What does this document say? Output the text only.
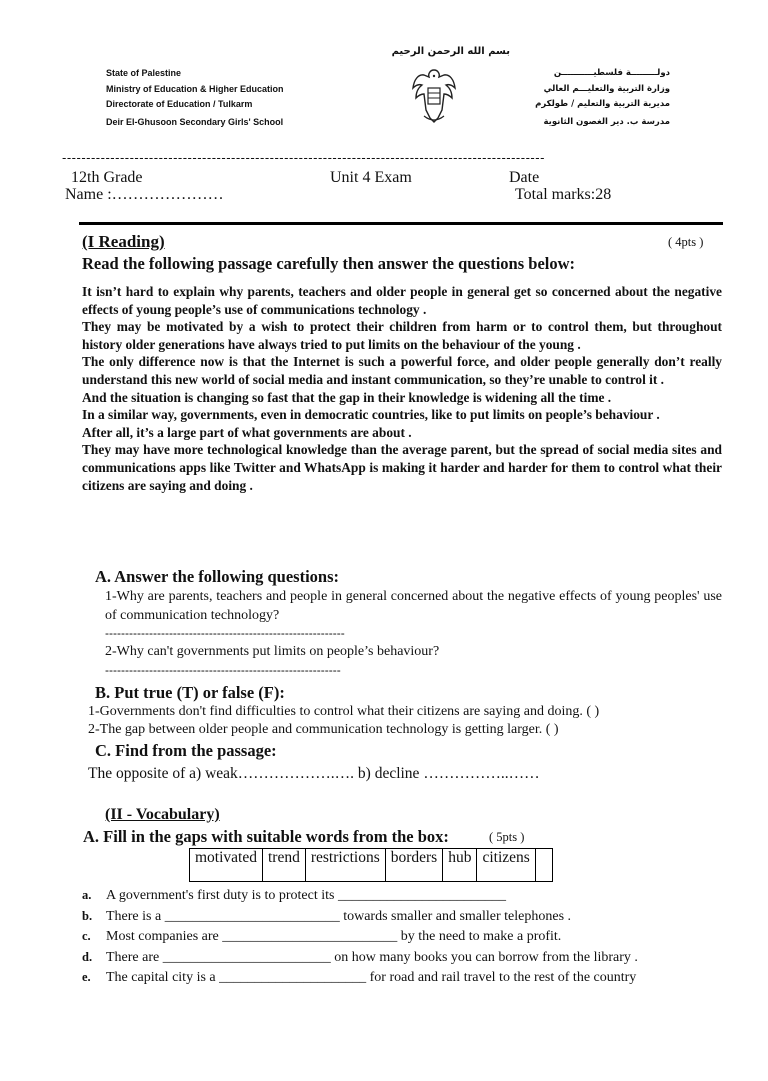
بسم الله الرحمن الرحيم
State of Palestine
Ministry of Education & Higher Education
Directorate of Education / Tulkarm
Deir El-Ghusoon Secondary Girls' School
دولـــــــــة فلسطيـــــــــــن
وزارة التربية والتعليـــم العالي
مديرية التربية والتعليم / طولكرم
مدرسة ب. دير الغصون الثانوية
----------------------------------------------------------------------------------------------------
12th Grade	Unit 4 Exam	Date
Name :…………………	Total marks:28
(I Reading)	( 4pts )
Read the following passage carefully then answer the questions below:

It isn’t hard to explain why parents, teachers and older people in general get so concerned about the negative effects of young people’s use of communications technology .

They may be motivated by a wish to protect their children from harm or to control them, but throughout history older generations have always tried to put limits on the behaviour of the young .

The only difference now is that the Internet is such a powerful force, and older people generally don’t really understand this new world of social media and instant communication, so they’re unable to control it .

And the situation is changing so fast that the gap in their knowledge is widening all the time .

In a similar way, governments, even in democratic countries, like to put limits on people’s behaviour .

After all, it’s a large part of what governments are about .

They may have more technological knowledge than the average parent, but the spread of social media sites and communications apps like Twitter and WhatsApp is making it harder and harder for them to control what their citizens are saying and doing .

A. Answer the following questions:
1-Why are parents, teachers and people in general concerned about the negative effects of young peoples' use of communication technology?
------------------------------------------------------------
2-Why can't governments put limits on people’s behaviour?
-----------------------------------------------------------
B. Put true (T) or false (F):
1-Governments don't find difficulties to control what their citizens are saying and doing. ( )
2-The gap between older people and communication technology is getting larger. ( )
C. Find from the passage:
The opposite of a) weak……………….…. b) decline ……………..……
(II - Vocabulary)
A. Fill in the gaps with suitable words from the box:	( 5pts )
motivated	trend	restrictions	borders	hub	citizens	
a. A government's first duty is to protect its ________________________
b. There is a _________________________ towards smaller and smaller telephones .
c. Most companies are _________________________ by the need to make a profit.
d. There are ________________________ on how many books you can borrow from the library .
e. The capital city is a _____________________ for road and rail travel to the rest of the country
